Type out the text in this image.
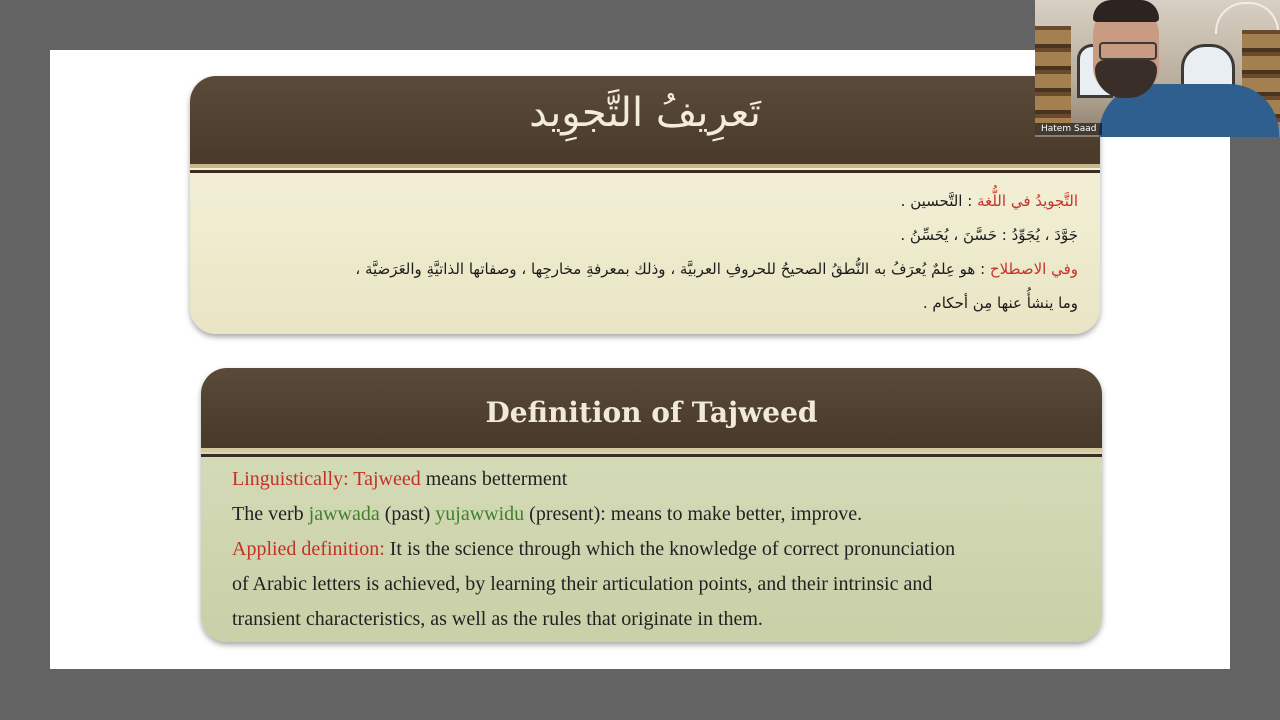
تَعرِيفُ التَّجوِيد
التَّجويدُ في اللُّغة : التَّحسين .
جَوَّدَ ، يُجَوِّدُ : حَسَّنَ ، يُحَسِّنُ .
وفي الاصطلاح : هو عِلمٌ يُعرَفُ به النُّطقُ الصحيحُ للحروفِ العربيَّة ، وذلك بمعرفةِ مخارجِها ، وصفاتها الذاتيَّةِ والعَرَضيَّة ،
وما ينشأُ عنها مِن أحكام .
Definition of Tajweed
Linguistically: Tajweed means betterment
The verb jawwada (past) yujawwidu (present): means to make better, improve.
Applied definition: It is the science through which the knowledge of correct pronunciation
of Arabic letters is achieved, by learning their articulation points, and their intrinsic and
transient characteristics, as well as the rules that originate in them.
Hatem Saad
